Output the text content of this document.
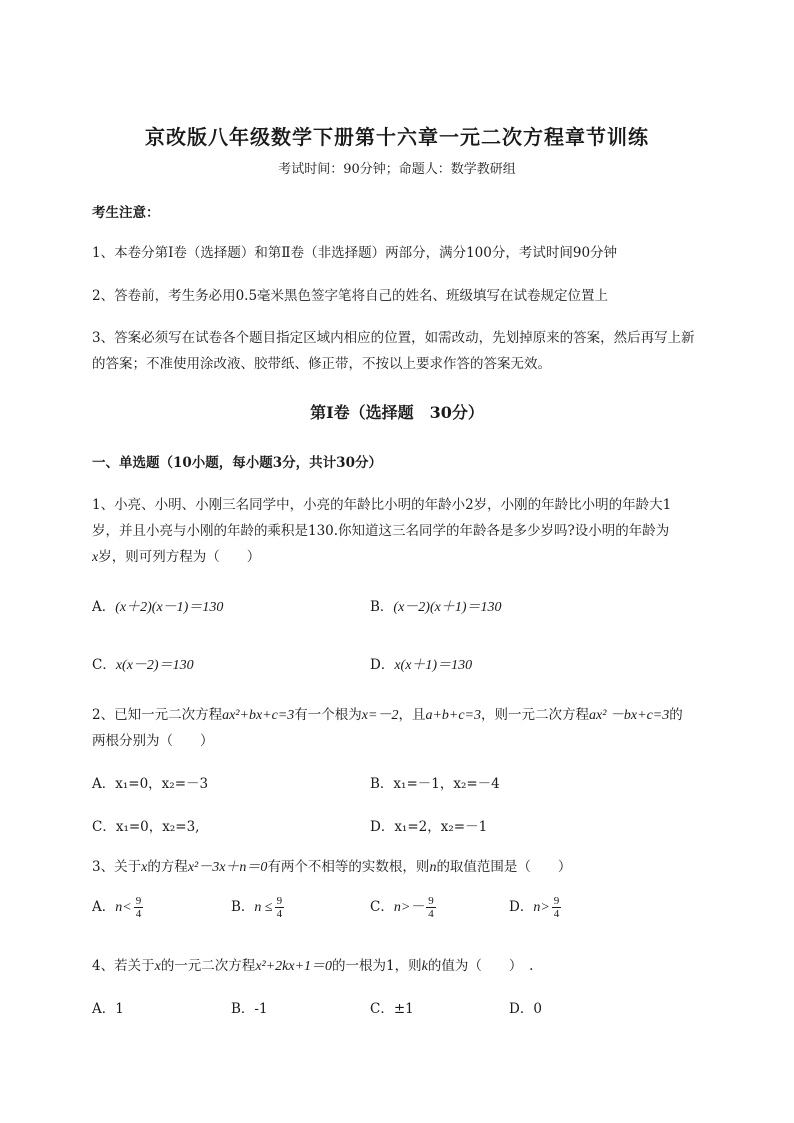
京改版八年级数学下册第十六章一元二次方程章节训练
考试时间：90分钟；命题人：数学教研组
考生注意：
1、本卷分第Ⅰ卷（选择题）和第Ⅱ卷（非选择题）两部分，满分100分，考试时间90分钟
2、答卷前，考生务必用0.5毫米黑色签字笔将自己的姓名、班级填写在试卷规定位置上
3、答案必须写在试卷各个题目指定区域内相应的位置，如需改动，先划掉原来的答案，然后再写上新
的答案；不准使用涂改液、胶带纸、修正带，不按以上要求作答的答案无效。
第Ⅰ卷（选择题　30分）
一、单选题（10小题，每小题3分，共计30分）
1、小亮、小明、小刚三名同学中，小亮的年龄比小明的年龄小2岁，小刚的年龄比小明的年龄大1
岁，并且小亮与小刚的年龄的乘积是130.你知道这三名同学的年龄各是多少岁吗?设小明的年龄为
x岁，则可列方程为（　　）
A．(x＋2)(x－1)＝130	B．(x－2)(x＋1)＝130
C．x(x－2)＝130	D．x(x＋1)＝130
2、已知一元二次方程ax²+bx+c=3有一个根为x=－2，且a+b+c=3，则一元二次方程ax² －bx+c=3的
两根分别为（　　）
A．x₁=0，x₂=－3	B．x₁=－1，x₂=－4
C．x₁=0，x₂=3,	D．x₁=2，x₂=－1
3、关于x的方程x²－3x＋n＝0有两个不相等的实数根，则n的取值范围是（　　）
A．$n< \frac{9}{4}$	B．$n \le \frac{9}{4}$	C．$n>- \frac{9}{4}$	D．$n> \frac{9}{4}$
4、若关于x的一元二次方程x²+2kx+1＝0的一根为1，则k的值为（　　）　.
A．1	B．-1	C．±1	D．0
